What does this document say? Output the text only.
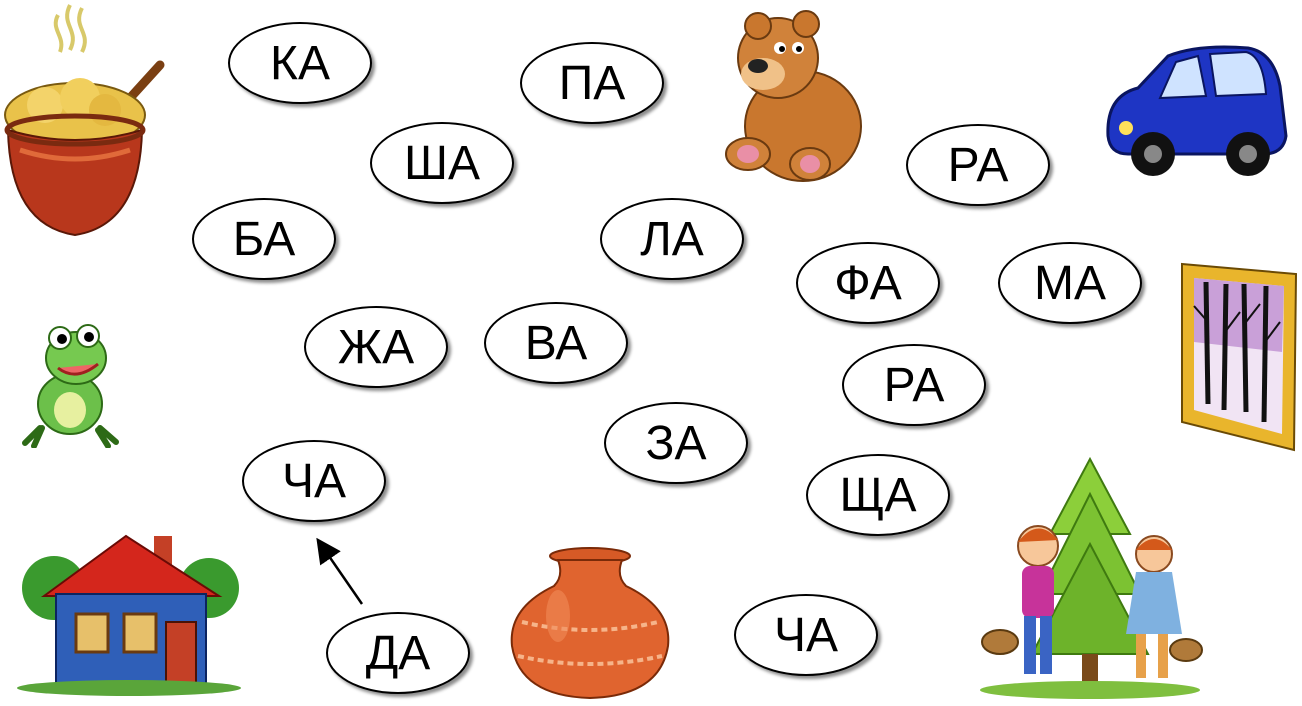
КА	ПА
ША	РА
БА	ЛА
ФА	МА
ЖА	ВА
РА
ЗА
ЧА	ЩА
ДА	ЧА
